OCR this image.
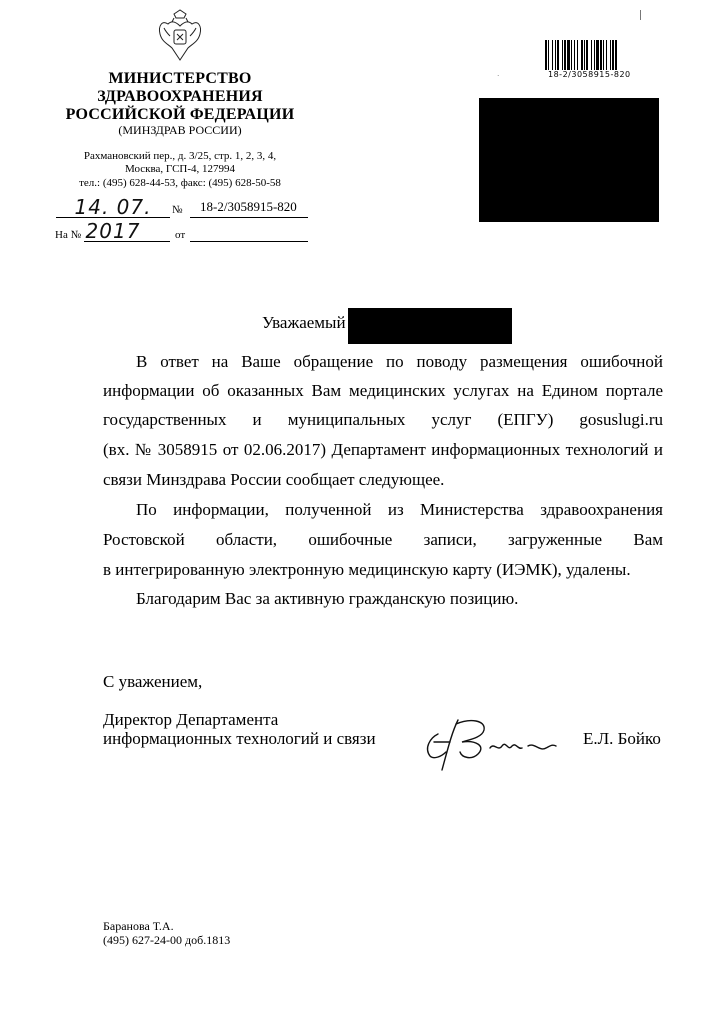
МИНИСТЕРСТВО
ЗДРАВООХРАНЕНИЯ
РОССИЙСКОЙ ФЕДЕРАЦИИ
(МИНЗДРАВ РОССИИ)
Рахмановский пер., д. 3/25, стр. 1, 2, 3, 4,
Москва, ГСП-4, 127994
тел.: (495) 628-44-53, факс: (495) 628-50-58
14. 07. 2017
№ 18-2/3058915-820
На №	от
18-2/3058915-820
·
Уважаемый
В ответ на Ваше обращение по поводу размещения ошибочной
информации об оказанных Вам медицинских услугах на Едином портале
государственных и муниципальных услуг (ЕПГУ) gosuslugi.ru
(вх. № 3058915 от 02.06.2017) Департамент информационных технологий и
связи Минздрава России сообщает следующее.
По информации, полученной из Министерства здравоохранения
Ростовской области, ошибочные записи, загруженные Вам
в интегрированную электронную медицинскую карту (ИЭМК), удалены.
Благодарим Вас за активную гражданскую позицию.
С уважением,
Директор Департамента
информационных технологий и связи	Е.Л. Бойко
Баранова Т.А.
(495) 627-24-00 доб.1813
